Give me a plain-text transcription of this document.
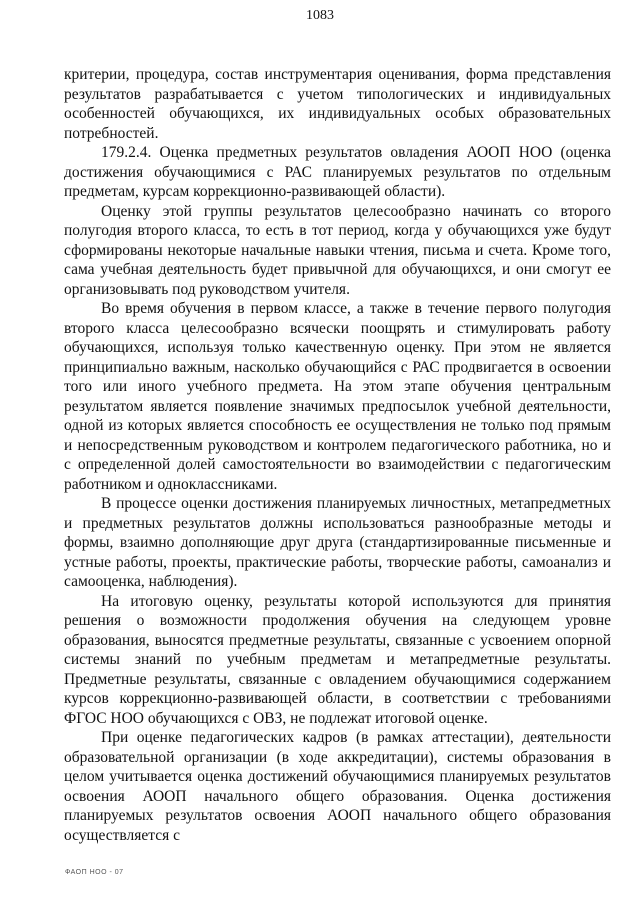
1083

критерии, процедура, состав инструментария оценивания, форма представления результатов разрабатывается с учетом типологических и индивидуальных особенностей обучающихся, их индивидуальных особых образовательных потребностей.

179.2.4. Оценка предметных результатов овладения АООП НОО (оценка достижения обучающимися с РАС планируемых результатов по отдельным предметам, курсам коррекционно-развивающей области).

Оценку этой группы результатов целесообразно начинать со второго полугодия второго класса, то есть в тот период, когда у обучающихся уже будут сформированы некоторые начальные навыки чтения, письма и счета. Кроме того, сама учебная деятельность будет привычной для обучающихся, и они смогут ее организовывать под руководством учителя.

Во время обучения в первом классе, а также в течение первого полугодия второго класса целесообразно всячески поощрять и стимулировать работу обучающихся, используя только качественную оценку. При этом не является принципиально важным, насколько обучающийся с РАС продвигается в освоении того или иного учебного предмета. На этом этапе обучения центральным результатом является появление значимых предпосылок учебной деятельности, одной из которых является способность ее осуществления не только под прямым и непосредственным руководством и контролем педагогического работника, но и с определенной долей самостоятельности во взаимодействии с педагогическим работником и одноклассниками.

В процессе оценки достижения планируемых личностных, метапредметных и предметных результатов должны использоваться разнообразные методы и формы, взаимно дополняющие друг друга (стандартизированные письменные и устные работы, проекты, практические работы, творческие работы, самоанализ и самооценка, наблюдения).

На итоговую оценку, результаты которой используются для принятия решения о возможности продолжения обучения на следующем уровне образования, выносятся предметные результаты, связанные с усвоением опорной системы знаний по учебным предметам и метапредметные результаты. Предметные результаты, связанные с овладением обучающимися содержанием курсов коррекционно-развивающей области, в соответствии с требованиями ФГОС НОО обучающихся с ОВЗ, не подлежат итоговой оценке.

При оценке педагогических кадров (в рамках аттестации), деятельности образовательной организации (в ходе аккредитации), системы образования в целом учитывается оценка достижений обучающимися планируемых результатов освоения АООП начального общего образования. Оценка достижения планируемых результатов освоения АООП начального общего образования осуществляется с

ФАОП НОО - 07
